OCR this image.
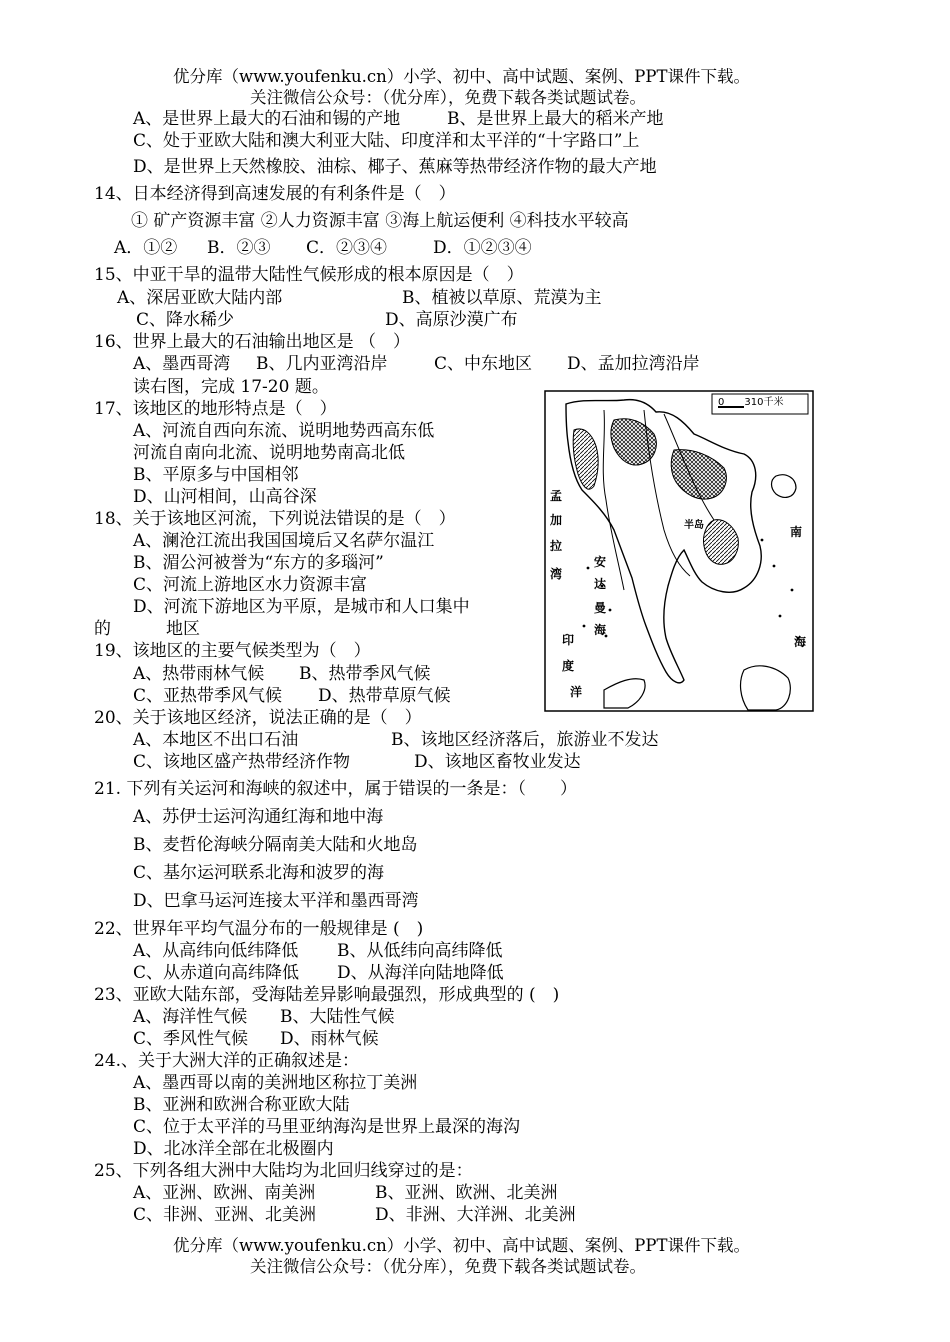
优分库（www.youfenku.cn）小学、初中、高中试题、案例、PPT课件下载。
关注微信公众号：（优分库），免费下载各类试题试卷。
A、是世界上最大的石油和锡的产地	B、是世界上最大的稻米产地
C、处于亚欧大陆和澳大利亚大陆、印度洋和太平洋的“十字路口”上
D、是世界上天然橡胶、油棕、椰子、蕉麻等热带经济作物的最大产地
14、日本经济得到高速发展的有利条件是（　）
① 矿产资源丰富 ②人力资源丰富 ③海上航运便利 ④科技水平较高
A．①② B．②③ C．②③④	D．①②③④
15、中亚干旱的温带大陆性气候形成的根本原因是（　）
A、深居亚欧大陆内部	B、植被以草原、荒漠为主
C、降水稀少	D、高原沙漠广布
16、世界上最大的石油输出地区是 （　）
A、墨西哥湾 B、几内亚湾沿岸	C、中东地区 D、孟加拉湾沿岸
读右图，完成 17-20 题。
17、该地区的地形特点是（　）
A、河流自西向东流、说明地势西高东低
河流自南向北流、说明地势南高北低
B、平原多与中国相邻
D、山河相间，山高谷深
18、关于该地区河流，下列说法错误的是（　）
A、澜沧江流出我国国境后又名萨尔温江
B、湄公河被誉为“东方的多瑙河”
C、河流上游地区水力资源丰富
D、河流下游地区为平原，是城市和人口集中
的	地区
19、该地区的主要气候类型为（　）
A、热带雨林气候 B、热带季风气候
C、亚热带季风气候 D、热带草原气候
20、关于该地区经济，说法正确的是（　）
A、本地区不出口石油	B、该地区经济落后，旅游业不发达
C、该地区盛产热带经济作物	D、该地区畜牧业发达
21. 下列有关运河和海峡的叙述中，属于错误的一条是：（　　）
A、苏伊士运河沟通红海和地中海
B、麦哲伦海峡分隔南美大陆和火地岛
C、基尔运河联系北海和波罗的海
D、巴拿马运河连接太平洋和墨西哥湾
22、世界年平均气温分布的一般规律是 (　)
A、从高纬向低纬降低 B、从低纬向高纬降低
C、从赤道向高纬降低 D、从海洋向陆地降低
23、亚欧大陆东部，受海陆差异影响最强烈，形成典型的 (　)
A、海洋性气候 B、大陆性气候
C、季风性气候 D、雨林气候
24.、关于大洲大洋的正确叙述是：
A、墨西哥以南的美洲地区称拉丁美洲
B、亚洲和欧洲合称亚欧大陆
C、位于太平洋的马里亚纳海沟是世界上最深的海沟
D、北冰洋全部在北极圈内
25、下列各组大洲中大陆均为北回归线穿过的是：
A、亚洲、欧洲、南美洲	B、亚洲、欧洲、北美洲
C、非洲、亚洲、北美洲	D、非洲、大洋洲、北美洲
优分库（www.youfenku.cn）小学、初中、高中试题、案例、PPT课件下载。
关注微信公众号：（优分库），免费下载各类试题试卷。
0　　310千米
孟
加
拉
湾
安
达
曼
海
印
度
洋
南
海
半岛
